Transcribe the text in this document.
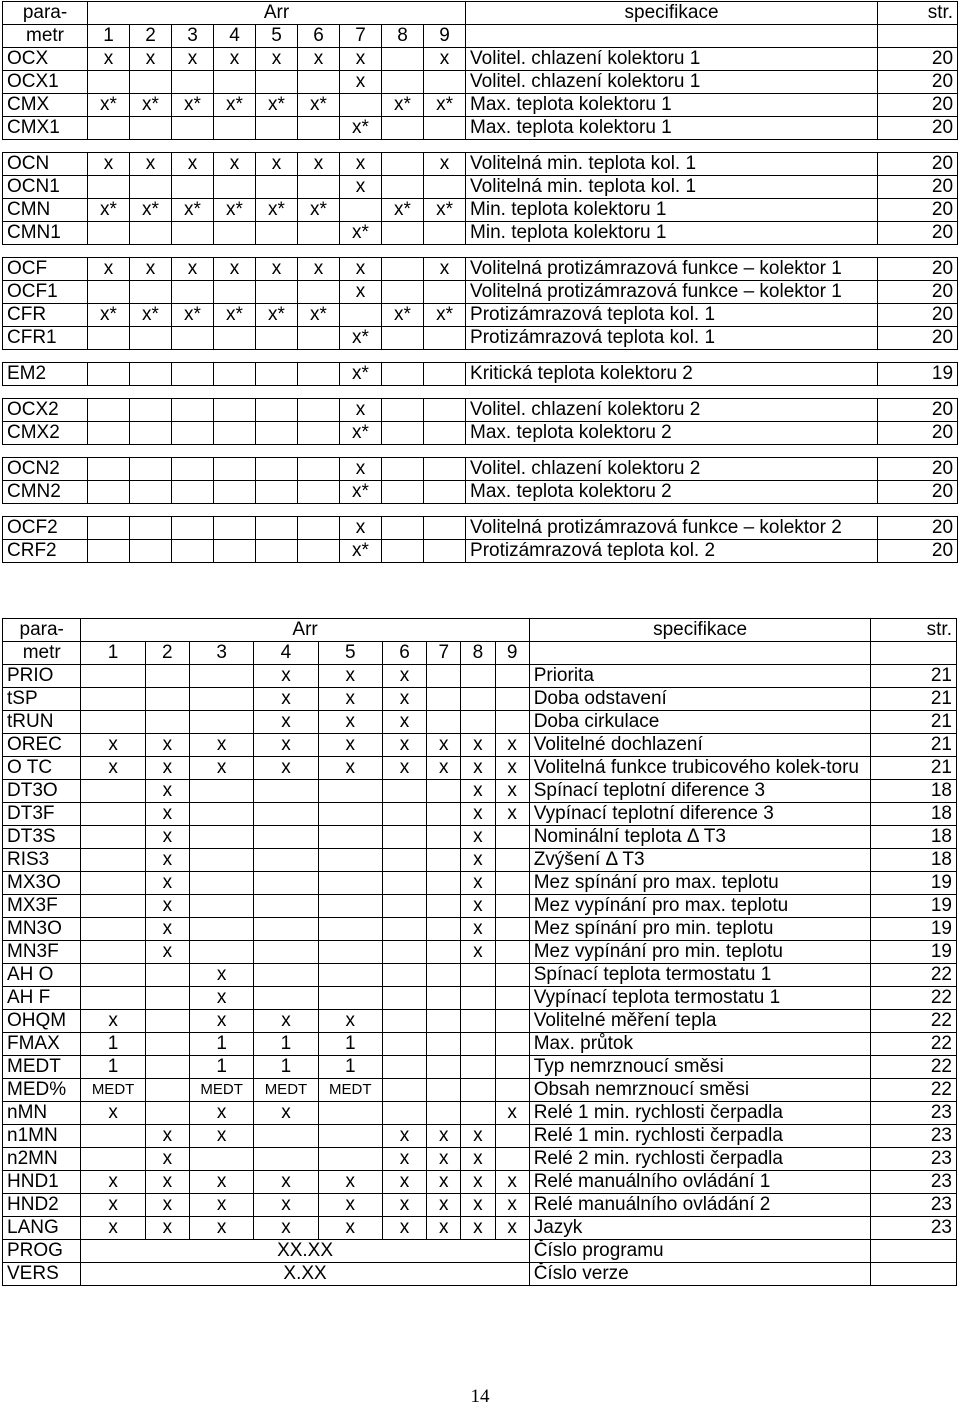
para-	Arr									specifikace	str.
metr	1	2	3	4	5	6	7	8	9		
OCX	x	x	x	x	x	x	x		x	Volitel. chlazení kolektoru 1	20
OCX1							x			Volitel. chlazení kolektoru 1	20
CMX	x*	x*	x*	x*	x*	x*		x*	x*	Max. teplota kolektoru 1	20
CMX1							x*			Max. teplota kolektoru 1	20

OCN	x	x	x	x	x	x	x		x	Volitelná min. teplota kol. 1	20
OCN1							x			Volitelná min. teplota kol. 1	20
CMN	x*	x*	x*	x*	x*	x*		x*	x*	Min. teplota kolektoru 1	20
CMN1							x*			Min. teplota kolektoru 1	20

OCF	x	x	x	x	x	x	x		x	Volitelná protizámrazová funkce – kolektor 1	20
OCF1							x			Volitelná protizámrazová funkce – kolektor 1	20
CFR	x*	x*	x*	x*	x*	x*		x*	x*	Protizámrazová teplota kol. 1	20
CFR1							x*			Protizámrazová teplota kol. 1	20

EM2							x*			Kritická teplota kolektoru 2	19

OCX2							x			Volitel. chlazení kolektoru 2	20
CMX2							x*			Max. teplota kolektoru 2	20

OCN2							x			Volitel. chlazení kolektoru 2	20
CMN2							x*			Max. teplota kolektoru 2	20

OCF2							x			Volitelná protizámrazová funkce – kolektor 2	20
CRF2							x*			Protizámrazová teplota kol. 2	20
para-	Arr									specifikace	str.
metr	1	2	3	4	5	6	7	8	9		
PRIO				x	x	x				Priorita	21
tSP				x	x	x				Doba odstavení	21
tRUN				x	x	x				Doba cirkulace	21
OREC	x	x	x	x	x	x	x	x	x	Volitelné dochlazení	21
O TC	x	x	x	x	x	x	x	x	x	Volitelná funkce trubicového kolek-toru	21
DT3O		x						x	x	Spínací teplotní diference 3	18
DT3F		x						x	x	Vypínací teplotní diference 3	18
DT3S		x						x		Nominální teplota Δ T3	18
RIS3		x						x		Zvýšení Δ T3	18
MX3O		x						x		Mez spínání pro max. teplotu	19
MX3F		x						x		Mez vypínání pro max. teplotu	19
MN3O		x						x		Mez spínání pro min. teplotu	19
MN3F		x						x		Mez vypínání pro min. teplotu	19
AH O			x							Spínací teplota termostatu 1	22
AH F			x							Vypínací teplota termostatu 1	22
OHQM	x		x	x	x					Volitelné měření tepla	22
FMAX	1		1	1	1					Max. průtok	22
MEDT	1		1	1	1					Typ nemrznoucí směsi	22
MED%	MEDT		MEDT	MEDT	MEDT					Obsah nemrznoucí směsi	22
nMN	x		x	x					x	Relé 1 min. rychlosti čerpadla	23
n1MN		x	x			x	x	x		Relé 1 min. rychlosti čerpadla	23
n2MN		x				x	x	x		Relé 2 min. rychlosti čerpadla	23
HND1	x	x	x	x	x	x	x	x	x	Relé manuálního ovládání 1	23
HND2	x	x	x	x	x	x	x	x	x	Relé manuálního ovládání 2	23
LANG	x	x	x	x	x	x	x	x	x	Jazyk	23
PROG	XX.XX									Číslo programu	
VERS	X.XX									Číslo verze	
14
